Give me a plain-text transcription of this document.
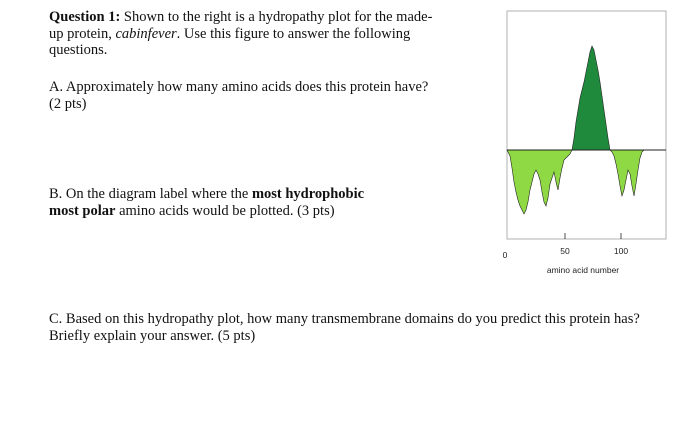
Question 1: Shown to the right is a hydropathy plot for the made-up protein, cabinfever. Use this figure to answer the following questions.

A. Approximately how many amino acids does this protein have? (2 pts)

B. On the diagram label where the most hydrophobic
most polar amino acids would be plotted. (3 pts)

C. Based on this hydropathy plot, how many transmembrane domains do you predict this protein has? Briefly explain your answer. (5 pts)

0	50	100
amino acid number
